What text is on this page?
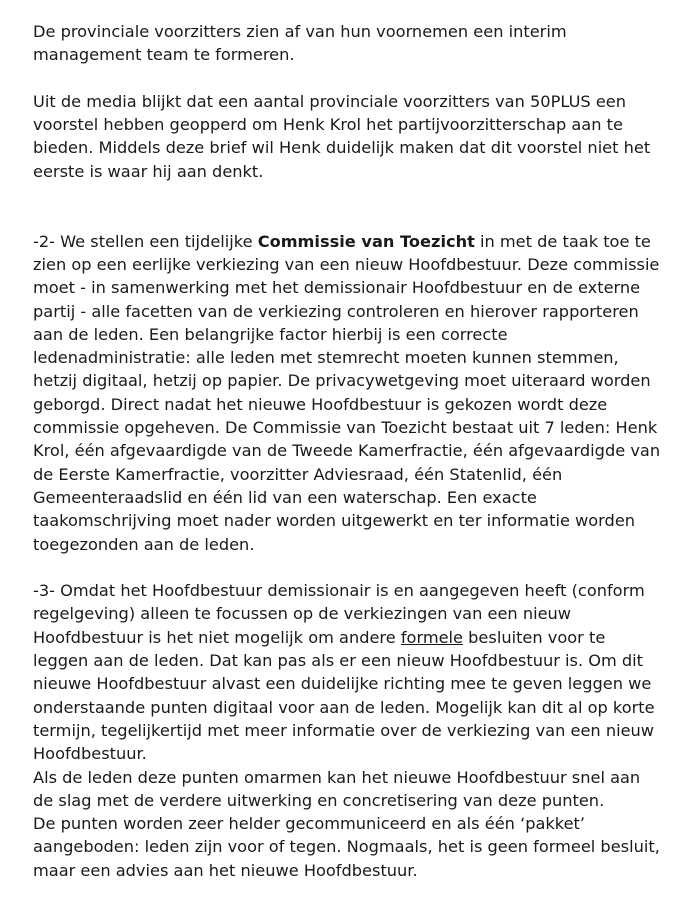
De provinciale voorzitters zien af van hun voornemen een interim management team te formeren.

Uit de media blijkt dat een aantal provinciale voorzitters van 50PLUS een voorstel hebben geopperd om Henk Krol het partijvoorzitterschap aan te bieden. Middels deze brief wil Henk duidelijk maken dat dit voorstel niet het eerste is waar hij aan denkt.

-2- We stellen een tijdelijke Commissie van Toezicht in met de taak toe te zien op een eerlijke verkiezing van een nieuw Hoofdbestuur. Deze commissie moet - in samenwerking met het demissionair Hoofdbestuur en de externe partij - alle facetten van de verkiezing controleren en hierover rapporteren aan de leden. Een belangrijke factor hierbij is een correcte ledenadministratie: alle leden met stemrecht moeten kunnen stemmen, hetzij digitaal, hetzij op papier. De privacywetgeving moet uiteraard worden geborgd. Direct nadat het nieuwe Hoofdbestuur is gekozen wordt deze commissie opgeheven. De Commissie van Toezicht bestaat uit 7 leden: Henk Krol, één afgevaardigde van de Tweede Kamerfractie, één afgevaardigde van de Eerste Kamerfractie, voorzitter Adviesraad, één Statenlid, één Gemeenteraadslid en één lid van een waterschap. Een exacte taakomschrijving moet nader worden uitgewerkt en ter informatie worden toegezonden aan de leden.

-3- Omdat het Hoofdbestuur demissionair is en aangegeven heeft (conform regelgeving) alleen te focussen op de verkiezingen van een nieuw Hoofdbestuur is het niet mogelijk om andere formele besluiten voor te leggen aan de leden. Dat kan pas als er een nieuw Hoofdbestuur is. Om dit nieuwe Hoofdbestuur alvast een duidelijke richting mee te geven leggen we onderstaande punten digitaal voor aan de leden. Mogelijk kan dit al op korte termijn, tegelijkertijd met meer informatie over de verkiezing van een nieuw Hoofdbestuur.

Als de leden deze punten omarmen kan het nieuwe Hoofdbestuur snel aan de slag met de verdere uitwerking en concretisering van deze punten.

De punten worden zeer helder gecommuniceerd en als één ‘pakket’ aangeboden: leden zijn voor of tegen. Nogmaals, het is geen formeel besluit, maar een advies aan het nieuwe Hoofdbestuur.
